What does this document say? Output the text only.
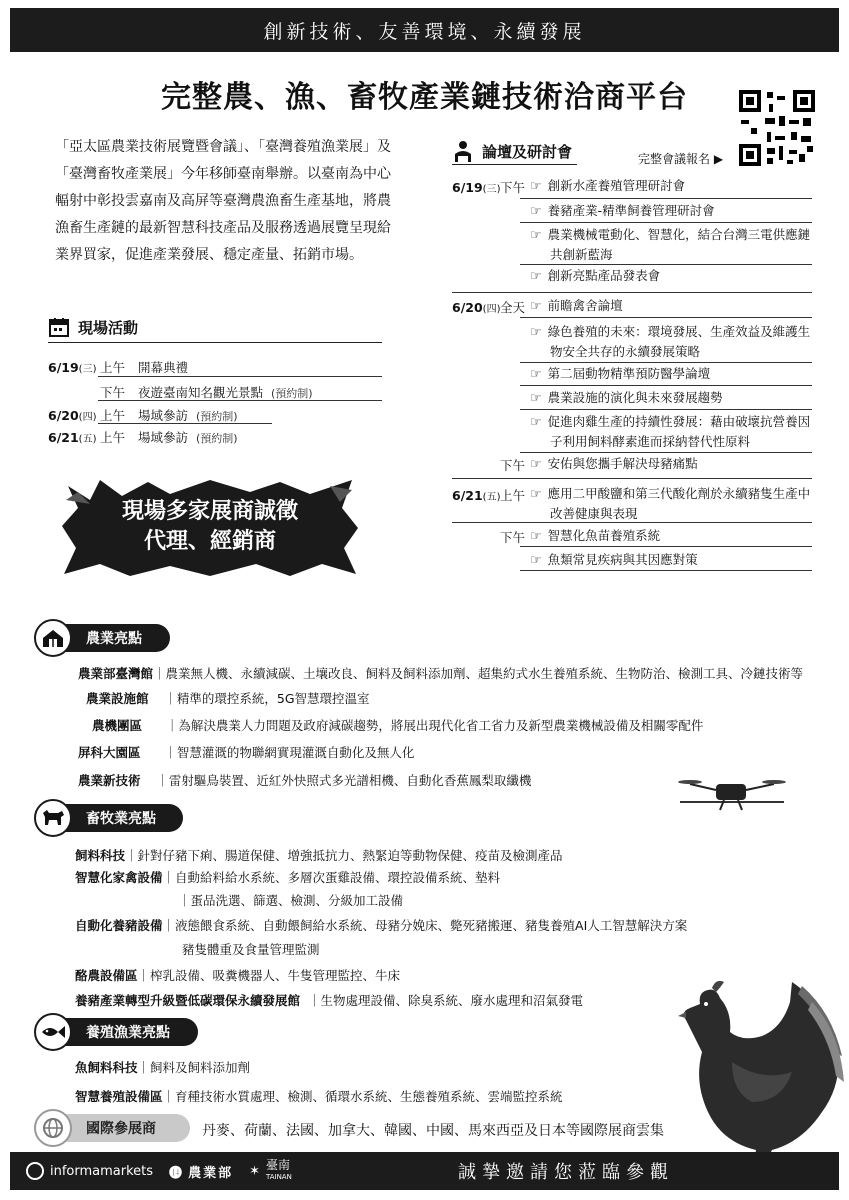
創新技術、友善環境、永續發展
完整農、漁、畜牧產業鏈技術洽商平台
「亞太區農業技術展覽暨會議」、「臺灣養殖漁業展」及「臺灣畜牧產業展」今年移師臺南舉辦。以臺南為中心輻射中彰投雲嘉南及高屏等臺灣農漁畜生產基地，將農漁畜生產鏈的最新智慧科技產品及服務透過展覽呈現給業界買家，促進產業發展、穩定產量、拓銷市場。
現場活動
6/19(三) 上午	開幕典禮
下午	夜遊臺南知名觀光景點
(預約制)
6/20(四) 上午	場域參訪
(預約制)
6/21(五) 上午	場域參訪
(預約制)
現場多家展商誠徵
代理、經銷商
論壇及研討會	完整會議報名
▶
6/19(三) 下午 ☞ 創新水產養殖管理研討會
☞ 養豬產業-精準飼養管理研討會
☞ 農業機械電動化、智慧化，結合台灣三電供應鏈共創新藍海
☞ 創新亮點產品發表會
6/20(四) 全天 ☞ 前瞻禽舍論壇
☞ 綠色養殖的未來：環境發展、生產效益及維護生物安全共存的永續發展策略
☞ 第二屆動物精準預防醫學論壇
☞ 農業設施的演化與未來發展趨勢
☞ 促進肉雞生產的持續性發展：藉由破壞抗營養因子利用飼料酵素進而採納替代性原料
下午 ☞ 安佑與您攜手解決母豬痛點
6/21(五) 上午 ☞ 應用二甲酸鹽和第三代酸化劑於永續豬隻生產中改善健康與表現
下午 ☞ 智慧化魚苗養殖系統
☞ 魚類常見疾病與其因應對策
農業亮點
農業部臺灣館｜農業無人機、永續減碳、土壤改良、飼料及飼料添加劑、超集約式水生養殖系統、生物防治、檢測工具、冷鏈技術等
農業設施館    ｜精準的環控系統，5G智慧環控溫室
農機團區      ｜為解決農業人力問題及政府減碳趨勢，將展出現代化省工省力及新型農業機械設備及相關零配件
屏科大園區      ｜智慧灌溉的物聯網實現灌溉自動化及無人化
農業新技術    ｜雷射驅鳥裝置、近紅外快照式多光譜相機、自動化香蕉鳳梨取纖機
畜牧業亮點
飼料科技｜針對仔豬下痢、腸道保健、增強抵抗力、熱緊迫等動物保健、疫苗及檢測產品
智慧化家禽設備｜自動給料給水系統、多層次蛋雞設備、環控設備系統、墊料
｜蛋品洗選、篩選、檢測、分級加工設備
自動化養豬設備｜液態餵食系統、自動餵飼給水系統、母豬分娩床、斃死豬搬運、豬隻養殖AI人工智慧解決方案
豬隻體重及食量管理監測
酪農設備區｜榨乳設備、吸糞機器人、牛隻管理監控、牛床
養豬產業轉型升級暨低碳環保永續發展館  ｜生物處理設備、除臭系統、廢水處理和沼氣發電
養殖漁業亮點
魚飼料科技｜飼料及飼料添加劑
智慧養殖設備區｜育種技術水質處理、檢測、循環水系統、生態養殖系統、雲端監控系統
國際參展商	丹麥、荷蘭、法國、加拿大、韓國、中國、馬來西亞及日本等國際展商雲集
informamarkets ⓮ 農業部 ✶ 臺南
TAINAN	誠摯邀請您蒞臨參觀
